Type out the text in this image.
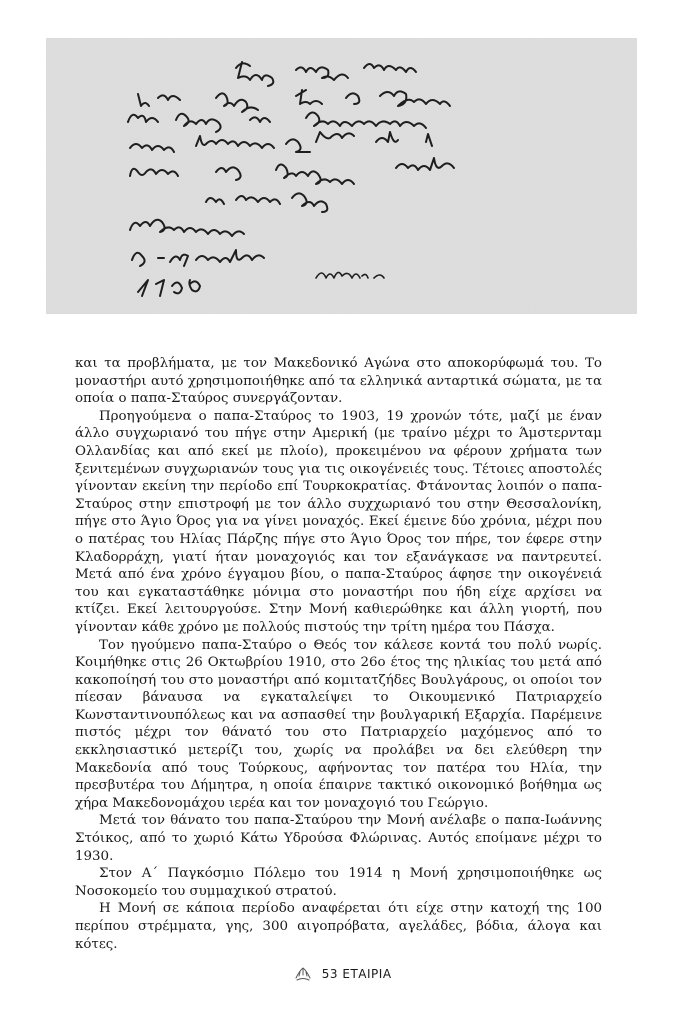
και τα προβλήματα, με τον Μακεδονικό Αγώνα στο αποκορύφωμά του. Το μοναστήρι αυτό χρησιμοποιήθηκε από τα ελληνικά ανταρτικά σώματα, με τα οποία ο παπα-Σταύρος συνεργάζονταν.

Προηγούμενα ο παπα-Σταύρος το 1903, 19 χρονών τότε, μαζί με έναν άλλο συγχωριανό του πήγε στην Αμερική (με τραίνο μέχρι το Άμστερνταμ Ολλανδίας και από εκεί με πλοίο), προκειμένου να φέρουν χρήματα των ξενιτεμένων συγχωριανών τους για τις οικογένειές τους. Τέτοιες αποστολές γίνονταν εκείνη την περίοδο επί Τουρκοκρατίας. Φτάνοντας λοιπόν ο παπα-Σταύρος στην επιστροφή με τον άλλο συχχωριανό του στην Θεσσαλονίκη, πήγε στο Άγιο Όρος για να γίνει μοναχός. Εκεί έμεινε δύο χρόνια, μέχρι που ο πατέρας του Ηλίας Πάρζης πήγε στο Άγιο Όρος τον πήρε, τον έφερε στην Κλαδορράχη, γιατί ήταν μοναχογιός και τον εξανάγκασε να παντρευτεί. Μετά από ένα χρόνο έγγαμου βίου, ο παπα-Σταύρος άφησε την οικογένειά του και εγκαταστάθηκε μόνιμα στο μοναστήρι που ήδη είχε αρχίσει να κτίζει. Εκεί λειτουργούσε. Στην Μονή καθιερώθηκε και άλλη γιορτή, που γίνονταν κάθε χρόνο με πολλούς πιστούς την τρίτη ημέρα του Πάσχα.

Τον ηγούμενο παπα-Σταύρο ο Θεός τον κάλεσε κοντά του πολύ νωρίς. Κοιμήθηκε στις 26 Οκτωβρίου 1910, στο 26ο έτος της ηλικίας του μετά από κακοποίησή του στο μοναστήρι από κομιτατζήδες Βουλγάρους, οι οποίοι τον πίεσαν βάναυσα να εγκαταλείψει το Οικουμενικό Πατριαρχείο Κωνσταντινουπόλεως και να ασπασθεί την βουλγαρική Εξαρχία. Παρέμεινε πιστός μέχρι τον θάνατό του στο Πατριαρχείο μαχόμενος από το εκκλησιαστικό μετερίζι του, χωρίς να προλάβει να δει ελεύθερη την Μακεδονία από τους Τούρκους, αφήνοντας τον πατέρα του Ηλία, την πρεσβυτέρα του Δήμητρα, η οποία έπαιρνε τακτικό οικονομικό βοήθημα ως χήρα Μακεδονομάχου ιερέα και τον μοναχογιό του Γεώργιο.

Μετά τον θάνατο του παπα-Σταύρου την Μονή ανέλαβε ο παπα-Ιωάννης Στόικος, από το χωριό Κάτω Υδρούσα Φλώρινας. Αυτός εποίμανε μέχρι το 1930.

Στον Α΄ Παγκόσμιο Πόλεμο του 1914 η Μονή χρησιμοποιήθηκε ως Νοσοκομείο του συμμαχικού στρατού.

Η Μονή σε κάποια περίοδο αναφέρεται ότι είχε στην κατοχή της 100 περίπου στρέμματα, γης, 300 αιγοπρόβατα, αγελάδες, βόδια, άλογα και κότες.

53 ΕΤΑΙΡΙΑ
